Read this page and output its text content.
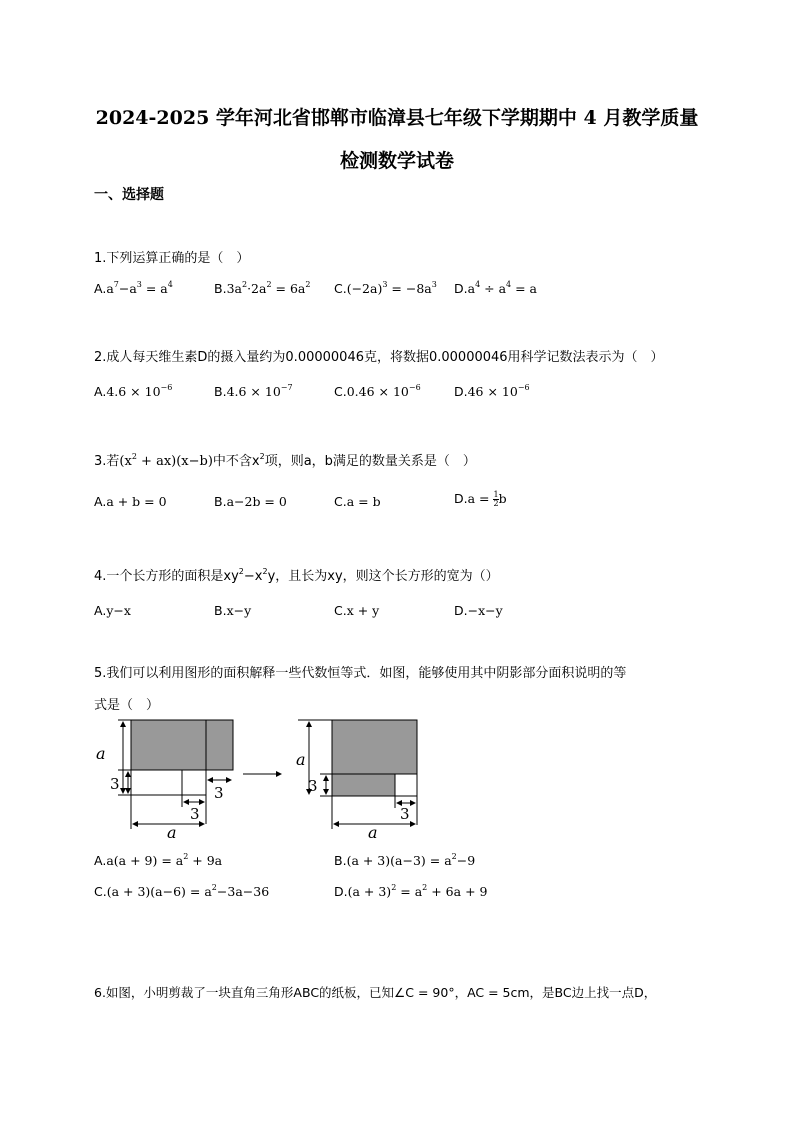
2024-2025 学年河北省邯郸市临漳县七年级下学期期中 4 月教学质量
检测数学试卷
一、选择题
1.下列运算正确的是（　）
$A.a^7-a^3 = a^4$	$B.3a^2\cdot 2a^2 = 6a^2$ $C.(-2a)^3 = -8a^3$ $D.a^4 \div a^4 = a$
2.成人每天维生素D的摄入量约为0.00000046克，将数据0.00000046用科学记数法表示为（　）
$A.4.6 \times 10^{-6}$	$B.4.6 \times 10^{-7}$	$C.0.46 \times 10^{-6}$	$D.46 \times 10^{-6}$
3.若$(x^2 + ax)(x-b)$中不含$x^2$项，则a，b满足的数量关系是（　）
A.a + b = 0	B.a−2b = 0	C.a = b	$D.a = \frac{1}{2}$ b
4.一个长方形的面积是$xy^2-x^2y$，且长为xy，则这个长方形的宽为（）
A.y−x	B.x−y	C.x + y	D.−x−y
5.我们可以利用图形的面积解释一些代数恒等式．如图，能够使用其中阴影部分面积说明的等
式是（　）
a
3	3
3
a
a
3
3
a
$A.a(a + 9) = a^2 + 9a$	$B.(a + 3)(a-3) = a^2-9$
$C.(a + 3)(a-6) = a^2-3a-36$	$D.(a + 3)^2 = a^2 + 6a + 9$
6.如图，小明剪裁了一块直角三角形ABC的纸板，已知∠C = 90°，AC = 5cm，是BC边上找一点D，
